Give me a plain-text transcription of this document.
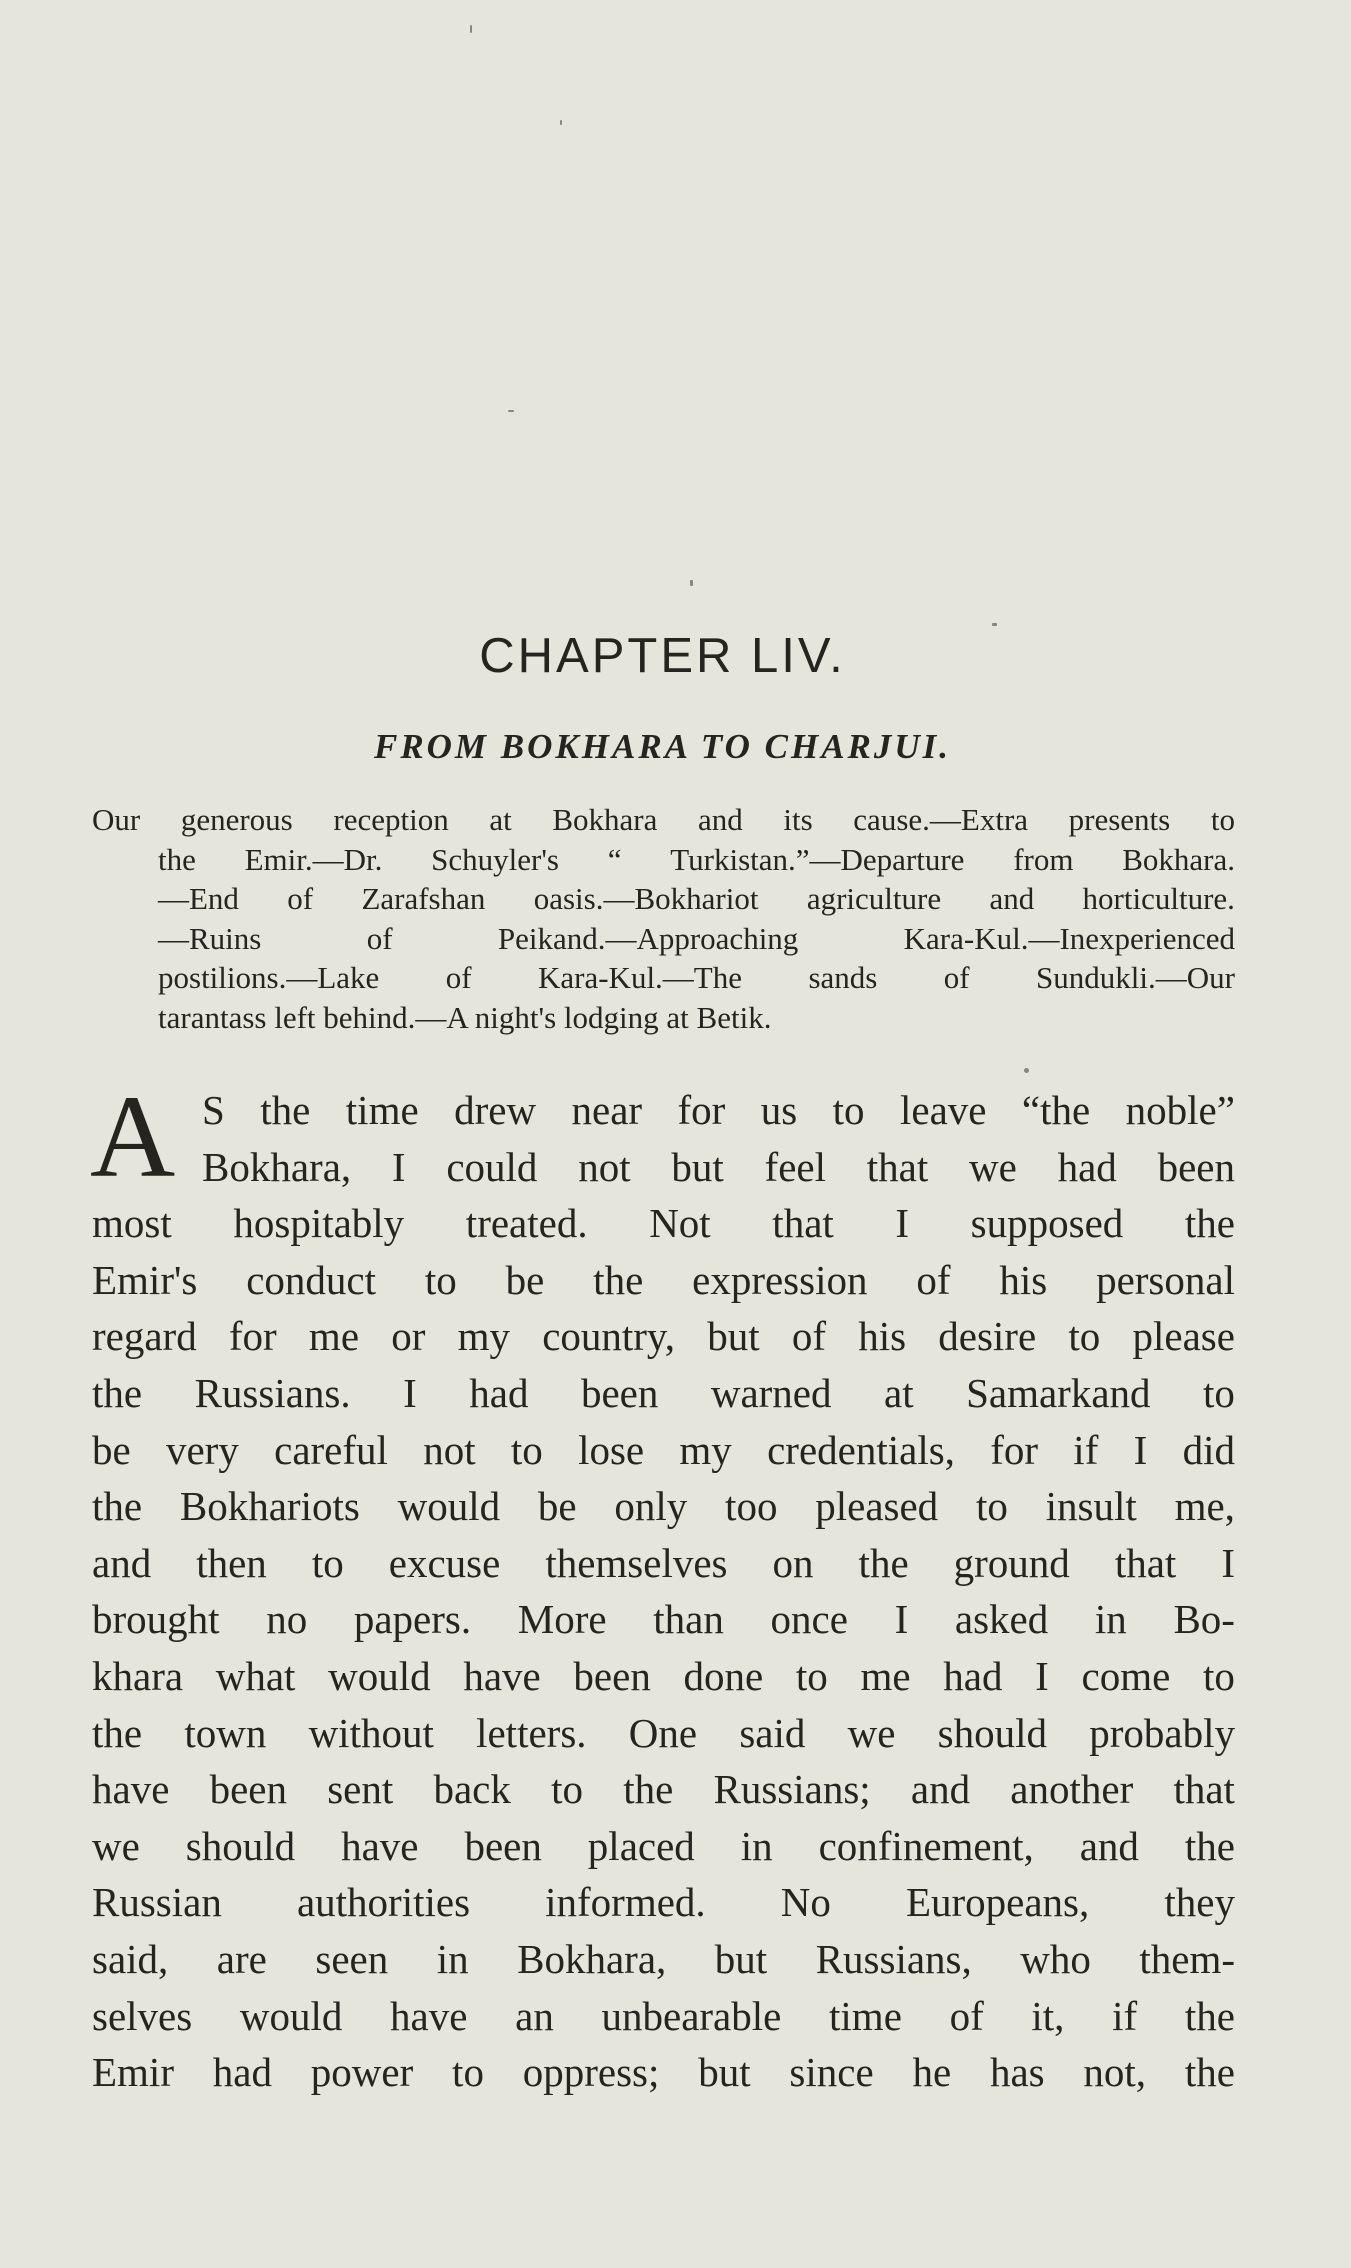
CHAPTER LIV.
FROM BOKHARA TO CHARJUI.
Our generous reception at Bokhara and its cause.—Extra presents to
the Emir.—Dr. Schuyler's “ Turkistan.”—Departure from Bokhara.
—End of Zarafshan oasis.—Bokhariot agriculture and horticulture.
—Ruins	of	Peikand.—Approaching	Kara-Kul.—Inexperienced
postilions.—Lake of Kara-Kul.—The sands of Sundukli.—Our
tarantass left behind.—A night's lodging at Betik.
A S the time drew near for us to leave “the noble”
Bokhara, I could not but feel that we had been
most hospitably treated. Not that I supposed the
Emir's conduct to be the expression of his personal
regard for me or my country, but of his desire to please
the Russians. I had been warned at Samarkand to
be very careful not to lose my credentials, for if I did
the Bokhariots would be only too pleased to insult me,
and then to excuse themselves on the ground that I
brought no papers. More than once I asked in Bo-
khara what would have been done to me had I come to
the town without letters. One said we should probably
have been sent back to the Russians; and another that
we should have been placed in confinement, and the
Russian authorities informed. No Europeans, they
said, are seen in Bokhara, but Russians, who them-
selves would have an unbearable time of it, if the
Emir had power to oppress; but since he has not, the
